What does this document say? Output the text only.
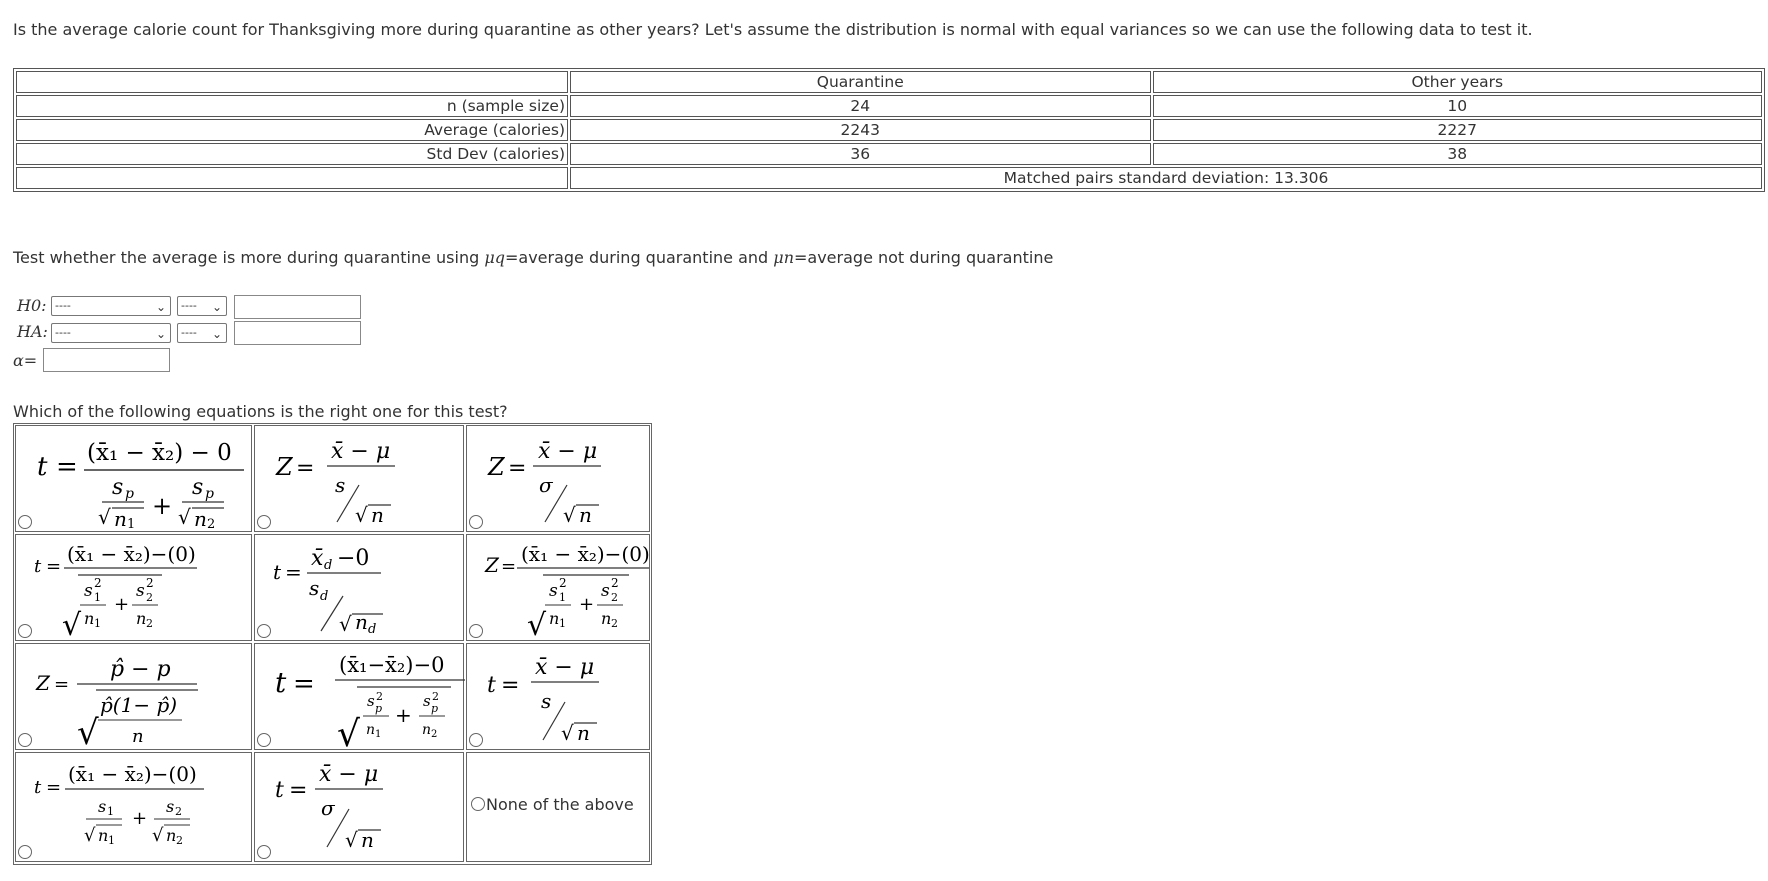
Is the average calorie count for Thanksgiving more during quarantine as other years? Let's assume the distribution is normal with equal variances so we can use the following data to test it.
	Quarantine	Other years
n (sample size)	24	10
Average (calories)	2243	2227
Std Dev (calories)	36	38
	Matched pairs standard deviation: 13.306	
Test whether the average is more during quarantine using μq=average during quarantine and μn=average not during quarantine
H0: ----	⌄	---- ⌄
HA: ----	⌄	---- ⌄
α=
Which of the following equations is the right one for this test?
t = (x̄₁ − x̄₂) − 0
s p
√ n 1
+
s p
√ n 2
Z =
x̄ − μ
s
√ n
Z =
x̄ − μ
σ
√ n
t =
(x̄₁ − x̄₂)−(0)
√
s 2
1
n 1
+
s 2
2
n 2
t =
x̄ d −0
s d
√ n d
Z =
(x̄₁ − x̄₂)−(0)
√
s 2
1
n 1
+
s 2
2
n 2
Z =
p̂ − p
√
p̂(1− p̂)
n
t =
(x̄₁−x̄₂)−0
√
s 2
p
n 1
+
s 2
p
n 2
t =
x̄ − μ
s
√ n
t =
(x̄₁ − x̄₂)−(0)
s 1
√ n 1
+
s 2
√ n 2
t =
x̄ − μ
σ
√ n
None of the above
